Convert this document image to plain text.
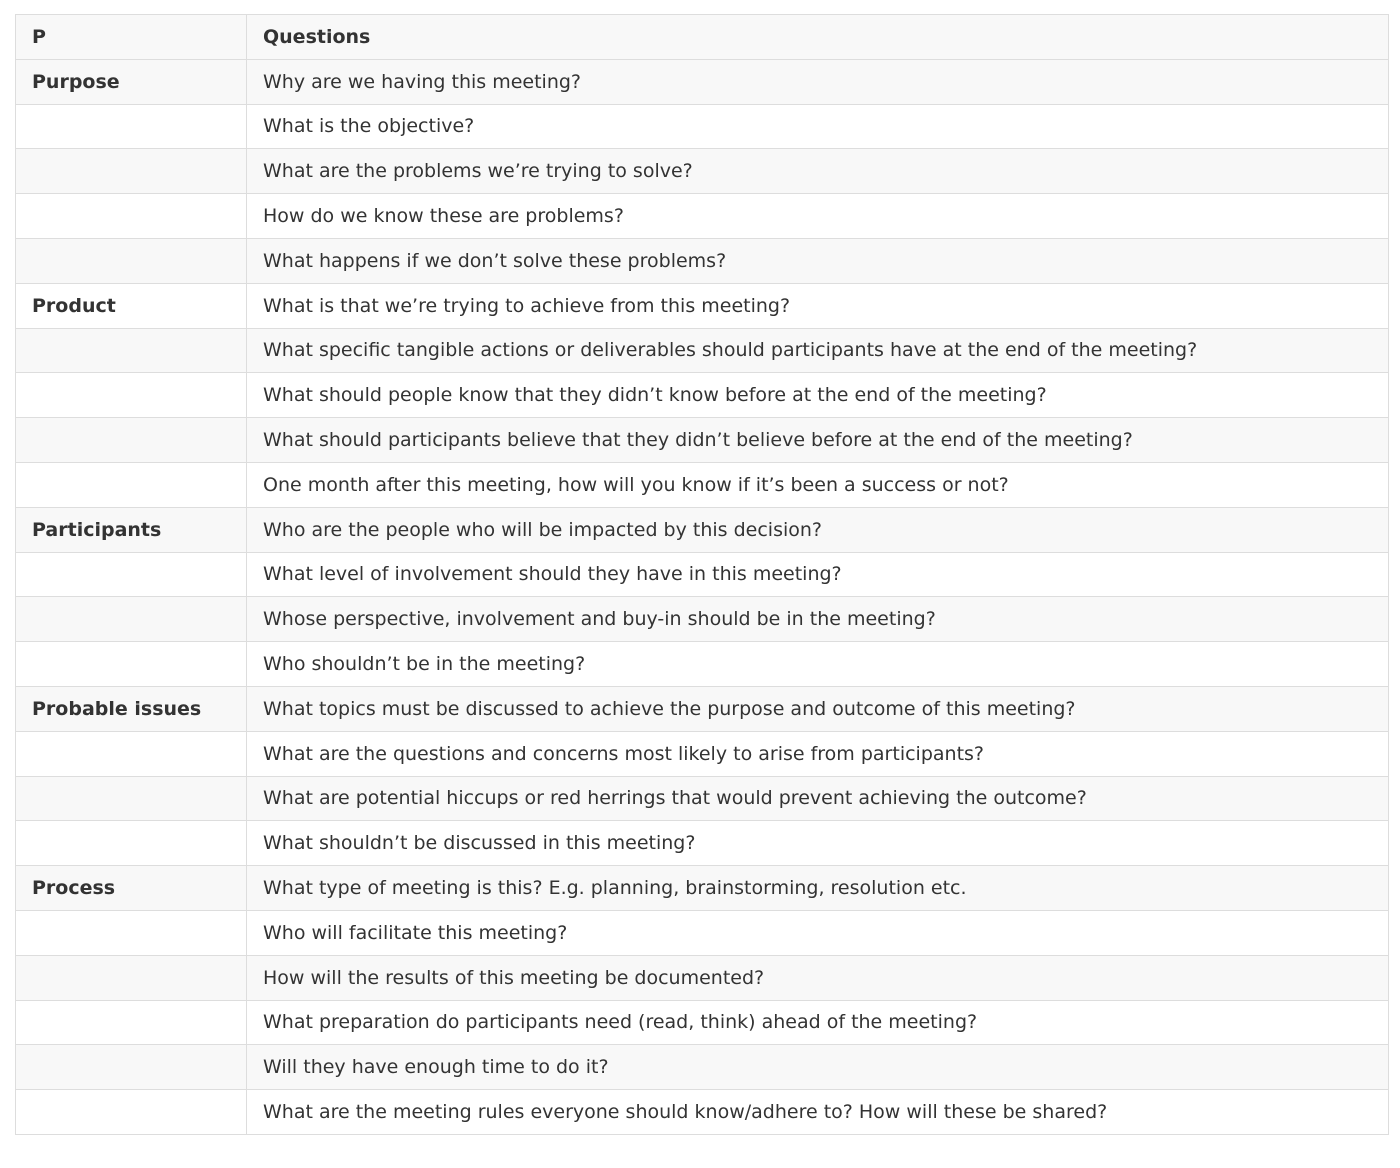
P	Questions
Purpose	Why are we having this meeting?
	What is the objective?
	What are the problems we’re trying to solve?
	How do we know these are problems?
	What happens if we don’t solve these problems?
Product	What is that we’re trying to achieve from this meeting?
	What specific tangible actions or deliverables should participants have at the end of the meeting?
	What should people know that they didn’t know before at the end of the meeting?
	What should participants believe that they didn’t believe before at the end of the meeting?
	One month after this meeting, how will you know if it’s been a success or not?
Participants	Who are the people who will be impacted by this decision?
	What level of involvement should they have in this meeting?
	Whose perspective, involvement and buy-in should be in the meeting?
	Who shouldn’t be in the meeting?
Probable issues	What topics must be discussed to achieve the purpose and outcome of this meeting?
	What are the questions and concerns most likely to arise from participants?
	What are potential hiccups or red herrings that would prevent achieving the outcome?
	What shouldn’t be discussed in this meeting?
Process	What type of meeting is this? E.g. planning, brainstorming, resolution etc.
	Who will facilitate this meeting?
	How will the results of this meeting be documented?
	What preparation do participants need (read, think) ahead of the meeting?
	Will they have enough time to do it?
	What are the meeting rules everyone should know/adhere to? How will these be shared?
